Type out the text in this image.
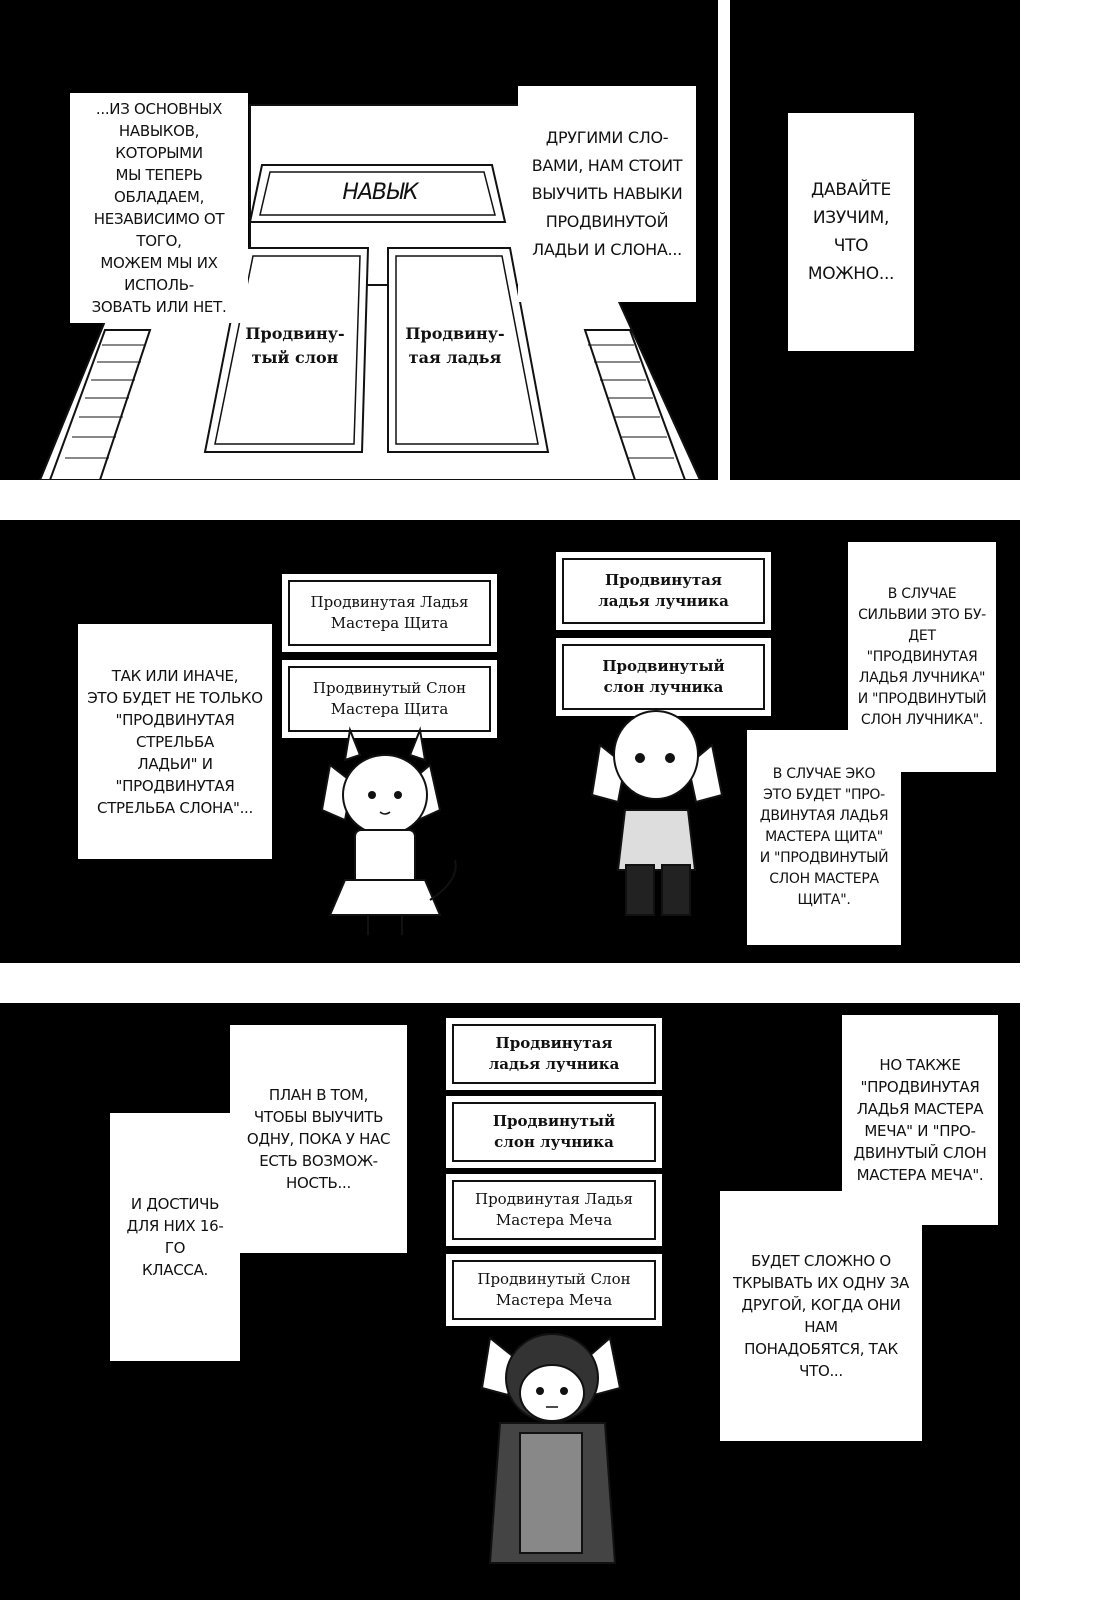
НАВЫК
Продвину-
тый слон
Продвину-
тая ладья
...ИЗ ОСНОВНЫХ
НАВЫКОВ, КОТОРЫМИ
МЫ ТЕПЕРЬ ОБЛАДАЕМ,
НЕЗАВИСИМО ОТ ТОГО,
МОЖЕМ МЫ ИХ ИСПОЛЬ-
ЗОВАТЬ ИЛИ НЕТ.
ДРУГИМИ СЛО-
ВАМИ, НАМ СТОИТ
ВЫУЧИТЬ НАВЫКИ
ПРОДВИНУТОЙ
ЛАДЬИ И СЛОНА...
ДАВАЙТЕ
ИЗУЧИМ, ЧТО
МОЖНО...
ТАК ИЛИ ИНАЧЕ,
ЭТО БУДЕТ НЕ ТОЛЬКО
"ПРОДВИНУТАЯ СТРЕЛЬБА
ЛАДЬИ" И "ПРОДВИНУТАЯ
СТРЕЛЬБА СЛОНА"...
Продвинутая Ладья
Мастера Щита
Продвинутый Слон
Мастера Щита
Продвинутая
ладья лучника
Продвинутый
слон лучника
В СЛУЧАЕ
СИЛЬВИИ ЭТО БУ-
ДЕТ "ПРОДВИНУТАЯ
ЛАДЬЯ ЛУЧНИКА"
И "ПРОДВИНУТЫЙ
СЛОН ЛУЧНИКА".
В СЛУЧАЕ ЭКО
ЭТО БУДЕТ "ПРО-
ДВИНУТАЯ ЛАДЬЯ
МАСТЕРА ЩИТА"
И "ПРОДВИНУТЫЙ
СЛОН МАСТЕРА
ЩИТА".
ПЛАН В ТОМ,
ЧТОБЫ ВЫУЧИТЬ
ОДНУ, ПОКА У НАС
ЕСТЬ ВОЗМОЖ-
НОСТЬ...
И ДОСТИЧЬ
ДЛЯ НИХ 16-ГО
КЛАССА.
Продвинутая
ладья лучника
Продвинутый
слон лучника
Продвинутая Ладья
Мастера Меча
Продвинутый Слон
Мастера Меча
НО ТАКЖЕ
"ПРОДВИНУТАЯ
ЛАДЬЯ МАСТЕРА
МЕЧА" И "ПРО-
ДВИНУТЫЙ СЛОН
МАСТЕРА МЕЧА".
БУДЕТ СЛОЖНО О
ТКРЫВАТЬ ИХ ОДНУ ЗА
ДРУГОЙ, КОГДА ОНИ НАМ
ПОНАДОБЯТСЯ, ТАК ЧТО...
